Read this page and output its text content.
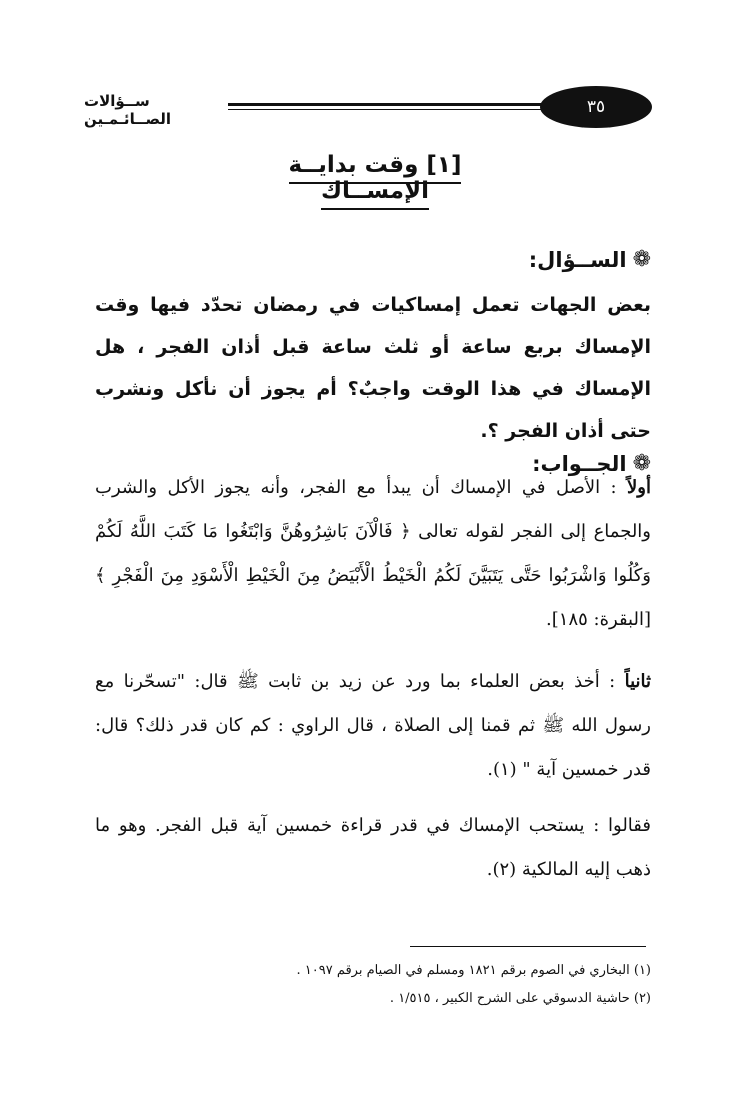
ســؤالات الصــائـمـين
٣٥
[١] وقت بدايــة الإمســاك
❁
الســؤال:
بعض الجهات تعمل إمساكيات في رمضان تحدّد فيها وقت الإمساك بربع ساعة أو ثلث ساعة قبل أذان الفجر ، هل الإمساك في هذا الوقت واجبٌ؟ أم يجوز أن نأكل ونشرب حتى أذان الفجر ؟.
❁
الجــواب:
أولاً : الأصل في الإمساك أن يبدأ مع الفجر، وأنه يجوز الأكل والشرب والجماع إلى الفجر لقوله تعالى ﴿ فَالْآنَ بَاشِرُوهُنَّ وَابْتَغُوا مَا كَتَبَ اللَّهُ لَكُمْ وَكُلُوا وَاشْرَبُوا حَتَّى يَتَبَيَّنَ لَكُمُ الْخَيْطُ الْأَبْيَضُ مِنَ الْخَيْطِ الْأَسْوَدِ مِنَ الْفَجْرِ ﴾ [البقرة: ١٨٥].
ثانياً : أخذ بعض العلماء بما ورد عن زيد بن ثابت ﷺ قال: "تسحّرنا مع رسول الله ﷺ ثم قمنا إلى الصلاة ، قال الراوي : كم كان قدر ذلك؟ قال: قدر خمسين آية " (١).
فقالوا : يستحب الإمساك في قدر قراءة خمسين آية قبل الفجر. وهو ما ذهب إليه المالكية (٢).
(١) البخاري في الصوم برقم ١٨٢١ ومسلم في الصيام برقم ١٠٩٧ .
(٢) حاشية الدسوقي على الشرح الكبير ، ١/٥١٥ .
